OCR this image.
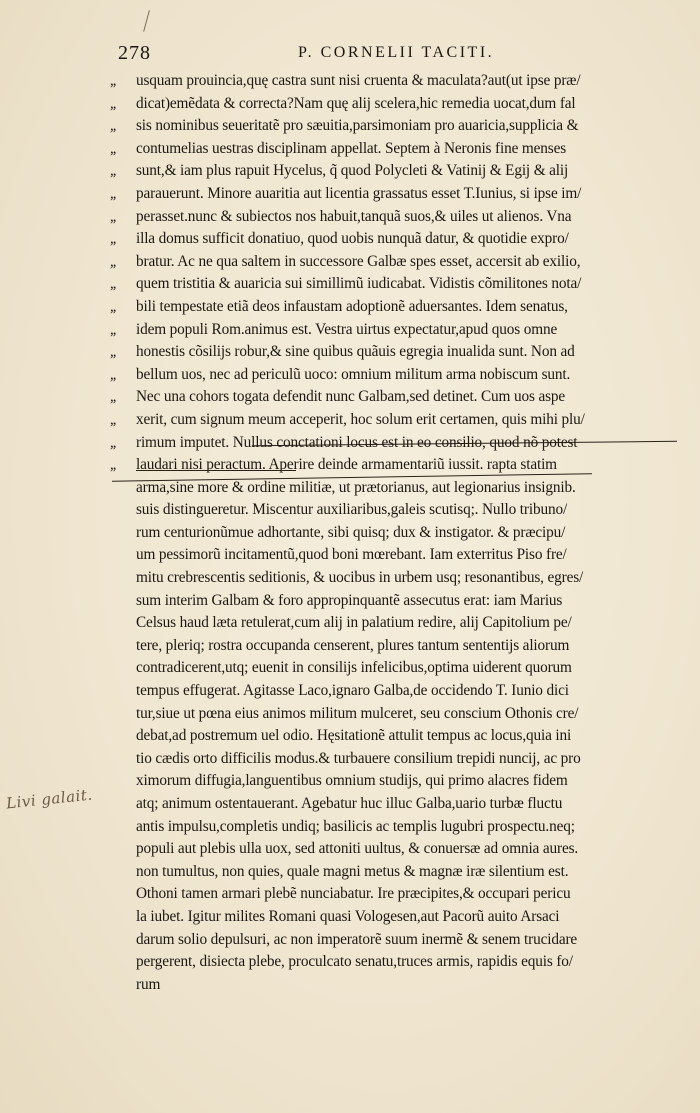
278	P. CORNELII TACITI.
,,
,,
,,
,,
,,
,,
,,
,,
,,
,,
,,
,,
,,
,,
,,
,,
,,
,,
usquam prouincia,quę castra sunt nisi cruenta & maculata?aut(ut ipse præ/
dicat)emẽdata & correcta?Nam quę alij scelera,hic remedia uocat,dum fal
sis nominibus seueritatẽ pro sæuitia,parsimoniam pro auaricia,supplicia &
contumelias uestras disciplinam appellat. Septem à Neronis fine menses
sunt,& iam plus rapuit Hycelus, q̃ quod Polycleti & Vatinij & Egij & alij
parauerunt. Minore auaritia aut licentia grassatus esset T.Iunius, si ipse im/
perasset.nunc & subiectos nos habuit,tanquã suos,& uiles ut alienos. Vna
illa domus sufficit donatiuo, quod uobis nunquã datur, & quotidie expro/
bratur. Ac ne qua saltem in successore Galbæ spes esset, accersit ab exilio,
quem tristitia & auaricia sui simillimũ iudicabat. Vidistis cõmilitones nota/
bili tempestate etiã deos infaustam adoptionẽ aduersantes. Idem senatus,
idem populi Rom.animus est. Vestra uirtus expectatur,apud quos omne
honestis cõsilijs robur,& sine quibus quãuis egregia inualida sunt. Non ad
bellum uos, nec ad periculũ uoco: omnium militum arma nobiscum sunt.
Nec una cohors togata defendit nunc Galbam,sed detinet. Cum uos aspe
xerit, cum signum meum acceperit, hoc solum erit certamen, quis mihi plu/
rimum imputet. Nullus conctationi locus est in eo consilio, quod nõ potest
laudari nisi peractum. Aperire deinde armamentariũ iussit. rapta statim
arma,sine more & ordine militiæ, ut prætorianus, aut legionarius insignib.
suis distingueretur. Miscentur auxiliaribus,galeis scutisq;. Nullo tribuno/
rum centurionũmue adhortante, sibi quisq; dux & instigator. & præcipu/
um pessimorũ incitamentũ,quod boni mœrebant. Iam exterritus Piso fre/
mitu crebrescentis seditionis, & uocibus in urbem usq; resonantibus, egres/
sum interim Galbam & foro appropinquantẽ assecutus erat: iam Marius
Celsus haud læta retulerat,cum alij in palatium redire, alij Capitolium pe/
tere, pleriq; rostra occupanda censerent, plures tantum sententijs aliorum
contradicerent,utq; euenit in consilijs infelicibus,optima uiderent quorum
tempus effugerat. Agitasse Laco,ignaro Galba,de occidendo T. Iunio dici
tur,siue ut pœna eius animos militum mulceret, seu conscium Othonis cre/
debat,ad postremum uel odio. Hęsitationẽ attulit tempus ac locus,quia ini
tio cædis orto difficilis modus.& turbauere consilium trepidi nuncij, ac pro
ximorum diffugia,languentibus omnium studijs, qui primo alacres fidem
atq; animum ostentauerant. Agebatur huc illuc Galba,uario turbæ fluctu
antis impulsu,completis undiq; basilicis ac templis lugubri prospectu.neq;
populi aut plebis ulla uox, sed attoniti uultus, & conuersæ ad omnia aures.
non tumultus, non quies, quale magni metus & magnæ iræ silentium est.
Othoni tamen armari plebẽ nunciabatur. Ire præcipites,& occupari pericu
la iubet. Igitur milites Romani quasi Vologesen,aut Pacorũ auito Arsaci
darum solio depulsuri, ac non imperatorẽ suum inermẽ & senem trucidare
pergerent, disiecta plebe, proculcato senatu,truces armis, rapidis equis fo/
rum
Livi galait.
